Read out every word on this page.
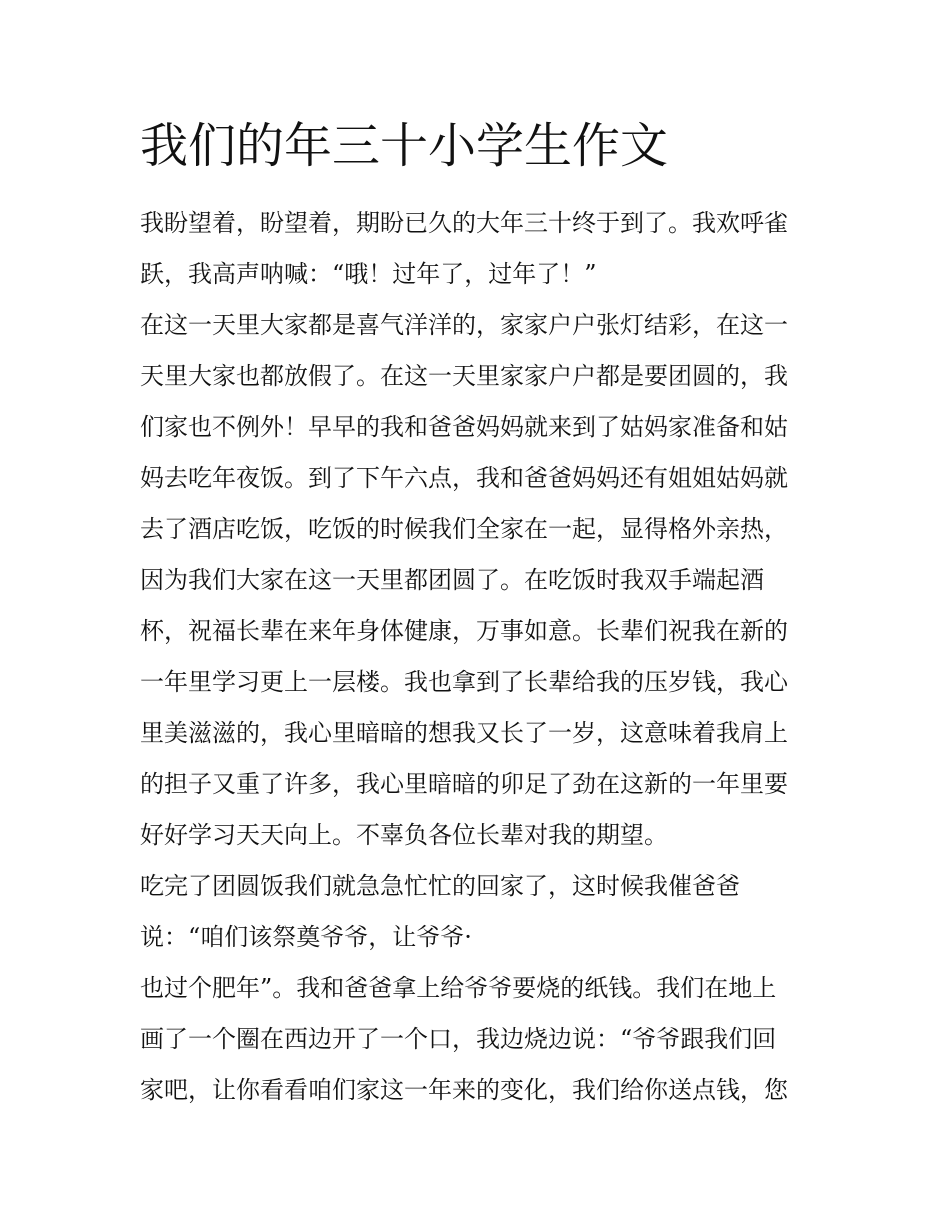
我们的年三十小学生作文
我盼望着，盼望着，期盼已久的大年三十终于到了。我欢呼雀
跃，我高声呐喊：“哦！过年了，过年了！”
在这一天里大家都是喜气洋洋的，家家户户张灯结彩，在这一
天里大家也都放假了。在这一天里家家户户都是要团圆的，我
们家也不例外！早早的我和爸爸妈妈就来到了姑妈家准备和姑
妈去吃年夜饭。到了下午六点，我和爸爸妈妈还有姐姐姑妈就
去了酒店吃饭，吃饭的时候我们全家在一起，显得格外亲热，
因为我们大家在这一天里都团圆了。在吃饭时我双手端起酒
杯，祝福长辈在来年身体健康，万事如意。长辈们祝我在新的
一年里学习更上一层楼。我也拿到了长辈给我的压岁钱，我心
里美滋滋的，我心里暗暗的想我又长了一岁，这意味着我肩上
的担子又重了许多，我心里暗暗的卯足了劲在这新的一年里要
好好学习天天向上。不辜负各位长辈对我的期望。
吃完了团圆饭我们就急急忙忙的回家了，这时候我催爸爸
说：“咱们该祭奠爷爷，让爷爷·
也过个肥年”。我和爸爸拿上给爷爷要烧的纸钱。我们在地上
画了一个圈在西边开了一个口，我边烧边说：“爷爷跟我们回
家吧，让你看看咱们家这一年来的变化，我们给你送点钱，您
